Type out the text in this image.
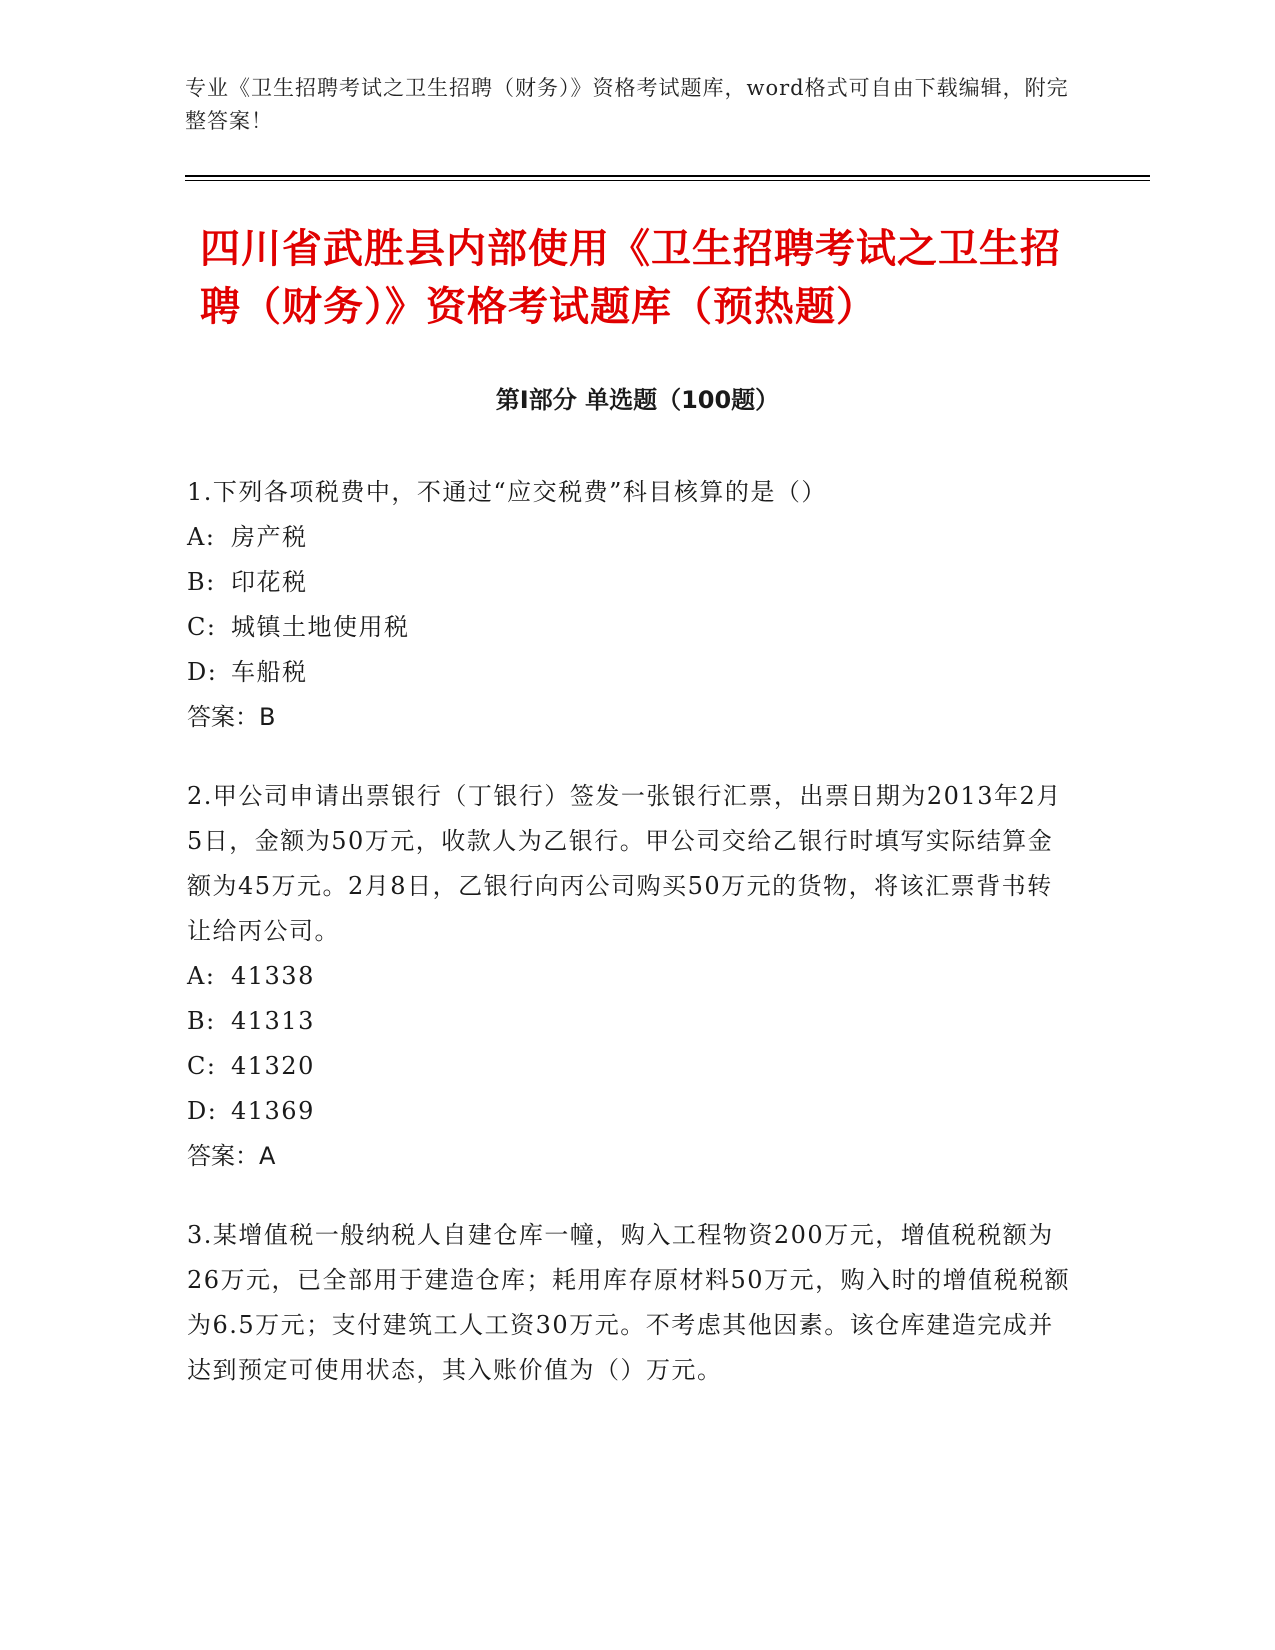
专业《卫生招聘考试之卫生招聘（财务）》资格考试题库，word格式可自由下载编辑，附完整答案！
四川省武胜县内部使用《卫生招聘考试之卫生招聘（财务）》资格考试题库（预热题）
第I部分 单选题（100题）

1.下列各项税费中，不通过“应交税费”科目核算的是（）

A: 房产税

B: 印花税

C: 城镇土地使用税

D: 车船税

答案：B

2.甲公司申请出票银行（丁银行）签发一张银行汇票，出票日期为2013年2月5日，金额为50万元，收款人为乙银行。甲公司交给乙银行时填写实际结算金额为45万元。2月8日，乙银行向丙公司购买50万元的货物，将该汇票背书转让给丙公司。

A: 41338

B: 41313

C: 41320

D: 41369

答案：A

3.某增值税一般纳税人自建仓库一幢，购入工程物资200万元，增值税税额为26万元，已全部用于建造仓库；耗用库存原材料50万元，购入时的增值税税额为6.5万元；支付建筑工人工资30万元。不考虑其他因素。该仓库建造完成并达到预定可使用状态，其入账价值为（）万元。
